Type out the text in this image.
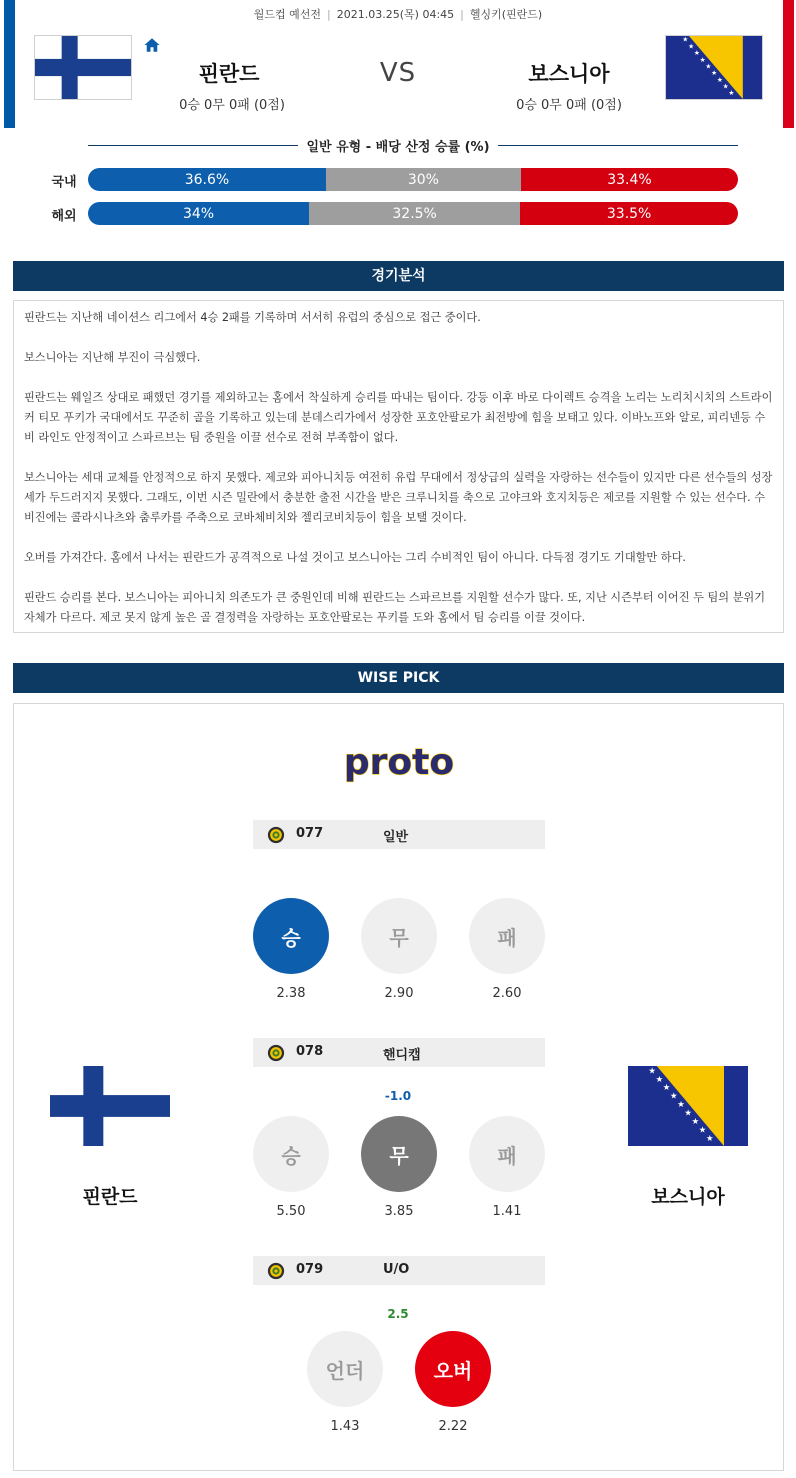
월드컵 예선전 | 2021.03.25(목) 04:45 | 헬싱키(핀란드)
핀란드
0승 0무 0패 (0점)
VS	보스니아
0승 0무 0패 (0점)
★
★
★
★
★
★
★
★
★
일반 유형 - 배당 산정 승률 (%)
국내	36.6%	30%	33.4%
해외	34%	32.5%	33.5%
경기분석

핀란드는 지난해 네이션스 리그에서 4승 2패를 기록하며 서서히 유럽의 중심으로 접근 중이다.

보스니아는 지난해 부진이 극심했다.

핀란드는 웨일즈 상대로 패했던 경기를 제외하고는 홈에서 착실하게 승리를 따내는 팀이다. 강등 이후 바로 다이렉트 승격을 노리는 노리치시치의 스트라이커 티모 푸키가 국대에서도 꾸준히 골을 기록하고 있는데 분데스리가에서 성장한 포호안팔로가 최전방에 힘을 보태고 있다. 이바노프와 알로, 피리넨등 수비 라인도 안정적이고 스파르브는 팀 중원을 이끌 선수로 전혀 부족함이 없다.

보스니아는 세대 교체를 안정적으로 하지 못했다. 제코와 피아니치등 여전히 유럽 무대에서 정상급의 실력을 자랑하는 선수들이 있지만 다른 선수들의 성장세가 두드러지지 못했다. 그래도, 이번 시즌 밀란에서 충분한 출전 시간을 받은 크루니치를 축으로 고야크와 호지치등은 제코를 지원할 수 있는 선수다. 수비진에는 콜라시나츠와 춤루카를 주축으로 코바체비치와 젤리코비치등이 힘을 보탤 것이다.

오버를 가져간다. 홈에서 나서는 핀란드가 공격적으로 나설 것이고 보스니아는 그리 수비적인 팀이 아니다. 다득점 경기도 기대할만 하다.

핀란드 승리를 본다. 보스니아는 피아니치 의존도가 큰 중원인데 비해 핀란드는 스파르브를 지원할 선수가 많다. 또, 지난 시즌부터 이어진 두 팀의 분위기 자체가 다르다. 제코 못지 않게 높은 골 결정력을 자랑하는 포호안팔로는 푸키를 도와 홈에서 팀 승리를 이끌 것이다.

WISE PICK
proto
077	일반
승	무	패
2.38	2.90	2.60
078	핸디캡
-1.0
승	무	패
5.50	3.85	1.41
079	U/O
2.5
언더	오버
1.43	2.22
핀란드
★
★
★
★
★
★
★
★
★
보스니아
